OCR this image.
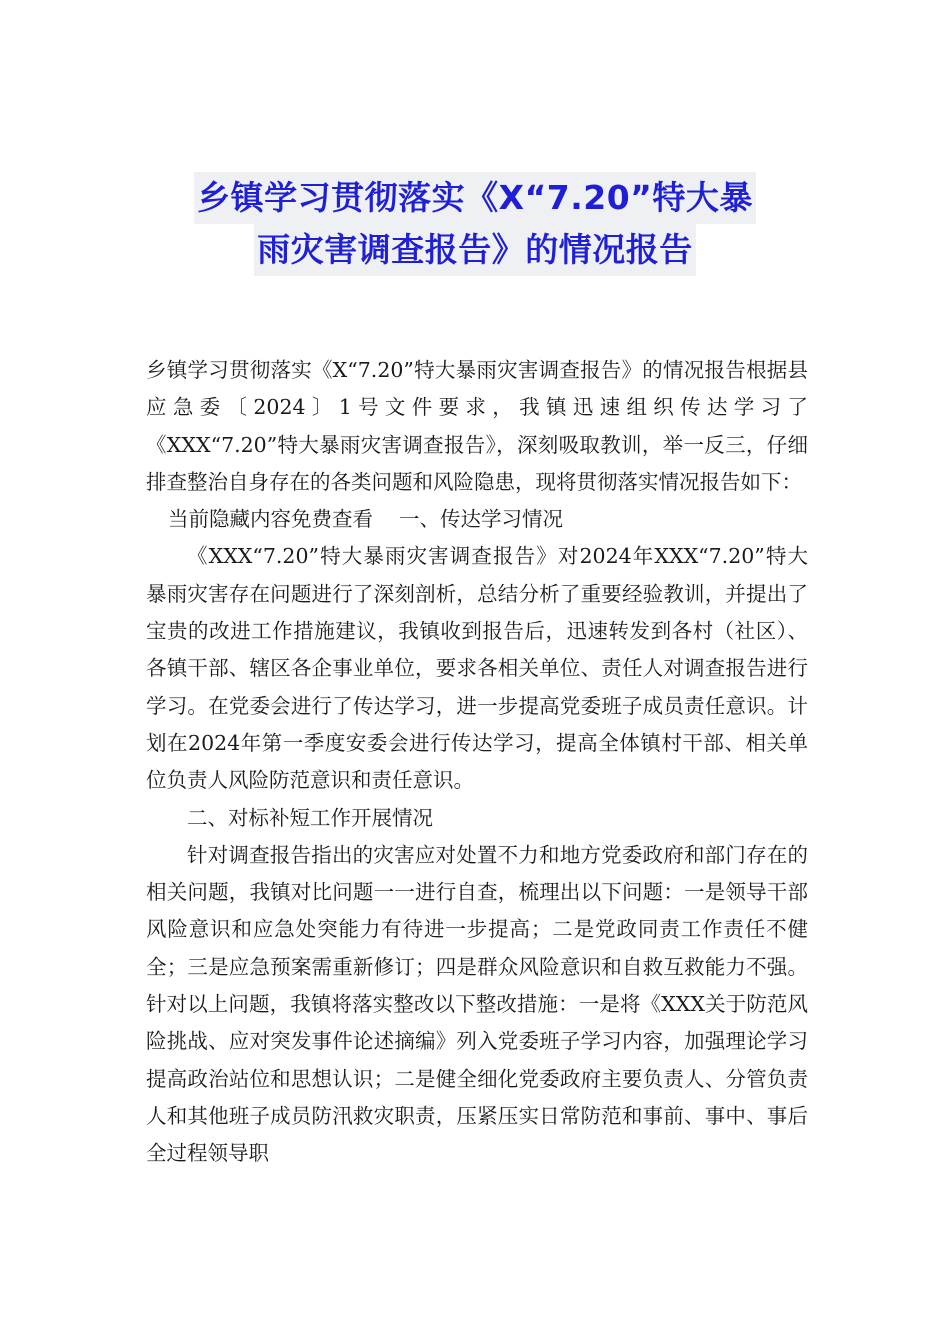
乡镇学习贯彻落实《X“7.20”特大暴
雨灾害调查报告》的情况报告

乡镇学习贯彻落实《X“7.20”特大暴雨灾害调查报告》的情况报告根据县应急委〔2024〕1号文件要求，我镇迅速组织传达学习了《XXX“7.20”特大暴雨灾害调查报告》，深刻吸取教训，举一反三，仔细排查整治自身存在的各类问题和风险隐患，现将贯彻落实情况报告如下：

当前隐藏内容免费查看 一、传达学习情况

《XXX“7.20”特大暴雨灾害调查报告》对2024年XXX“7.20”特大暴雨灾害存在问题进行了深刻剖析，总结分析了重要经验教训，并提出了宝贵的改进工作措施建议，我镇收到报告后，迅速转发到各村（社区）、各镇干部、辖区各企事业单位，要求各相关单位、责任人对调查报告进行学习。在党委会进行了传达学习，进一步提高党委班子成员责任意识。计划在2024年第一季度安委会进行传达学习，提高全体镇村干部、相关单位负责人风险防范意识和责任意识。

二、对标补短工作开展情况

针对调查报告指出的灾害应对处置不力和地方党委政府和部门存在的相关问题，我镇对比问题一一进行自查，梳理出以下问题：一是领导干部风险意识和应急处突能力有待进一步提高；二是党政同责工作责任不健全；三是应急预案需重新修订；四是群众风险意识和自救互救能力不强。针对以上问题，我镇将落实整改以下整改措施：一是将《XXX关于防范风险挑战、应对突发事件论述摘编》列入党委班子学习内容，加强理论学习提高政治站位和思想认识；二是健全细化党委政府主要负责人、分管负责人和其他班子成员防汛救灾职责，压紧压实日常防范和事前、事中、事后全过程领导职
